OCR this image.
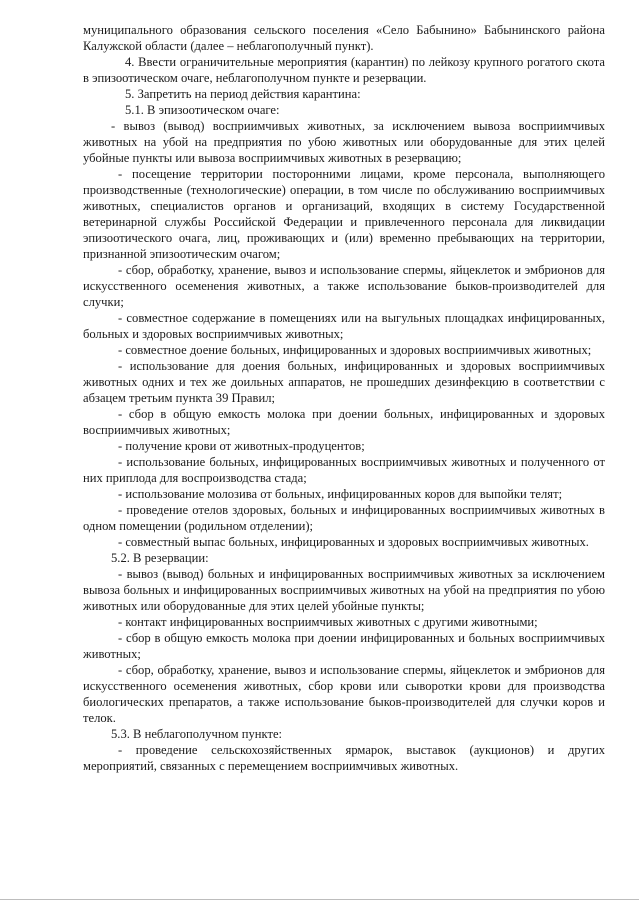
муниципального образования сельского поселения «Село Бабынино» Бабынинского района Калужской области (далее – неблагополучный пункт).

4. Ввести ограничительные мероприятия (карантин) по лейкозу крупного рогатого скота в эпизоотическом очаге, неблагополучном пункте и резервации.

5. Запретить на период действия карантина:

5.1. В эпизоотическом очаге:

- вывоз (вывод) восприимчивых животных, за исключением вывоза восприимчивых животных на убой на предприятия по убою животных или оборудованные для этих целей убойные пункты или вывоза восприимчивых животных в резервацию;

- посещение территории посторонними лицами, кроме персонала, выполняющего производственные (технологические) операции, в том числе по обслуживанию восприимчивых животных, специалистов органов и организаций, входящих в систему Государственной ветеринарной службы Российской Федерации и привлеченного персонала для ликвидации эпизоотического очага, лиц, проживающих и (или) временно пребывающих на территории, признанной эпизоотическим очагом;

- сбор, обработку, хранение, вывоз и использование спермы, яйцеклеток и эмбрионов для искусственного осеменения животных, а также использование быков-производителей для случки;

- совместное содержание в помещениях или на выгульных площадках инфицированных, больных и здоровых восприимчивых животных;

- совместное доение больных, инфицированных и здоровых восприимчивых животных;

- использование для доения больных, инфицированных и здоровых восприимчивых животных одних и тех же доильных аппаратов, не прошедших дезинфекцию в соответствии с абзацем третьим пункта 39 Правил;

- сбор в общую емкость молока при доении больных, инфицированных и здоровых восприимчивых животных;

- получение крови от животных-продуцентов;

- использование больных, инфицированных восприимчивых животных и полученного от них приплода для воспроизводства стада;

- использование молозива от больных, инфицированных коров для выпойки телят;

- проведение отелов здоровых, больных и инфицированных восприимчивых животных в одном помещении (родильном отделении);

- совместный выпас больных, инфицированных и здоровых восприимчивых животных.

5.2. В резервации:

- вывоз (вывод) больных и инфицированных восприимчивых животных за исключением вывоза больных и инфицированных восприимчивых животных на убой на предприятия по убою животных или оборудованные для этих целей убойные пункты;

- контакт инфицированных восприимчивых животных с другими животными;

- сбор в общую емкость молока при доении инфицированных и больных восприимчивых животных;

- сбор, обработку, хранение, вывоз и использование спермы, яйцеклеток и эмбрионов для искусственного осеменения животных, сбор крови или сыворотки крови для производства биологических препаратов, а также использование быков-производителей для случки коров и телок.

5.3. В неблагополучном пункте:

- проведение сельскохозяйственных ярмарок, выставок (аукционов) и других мероприятий, связанных с перемещением восприимчивых животных.
